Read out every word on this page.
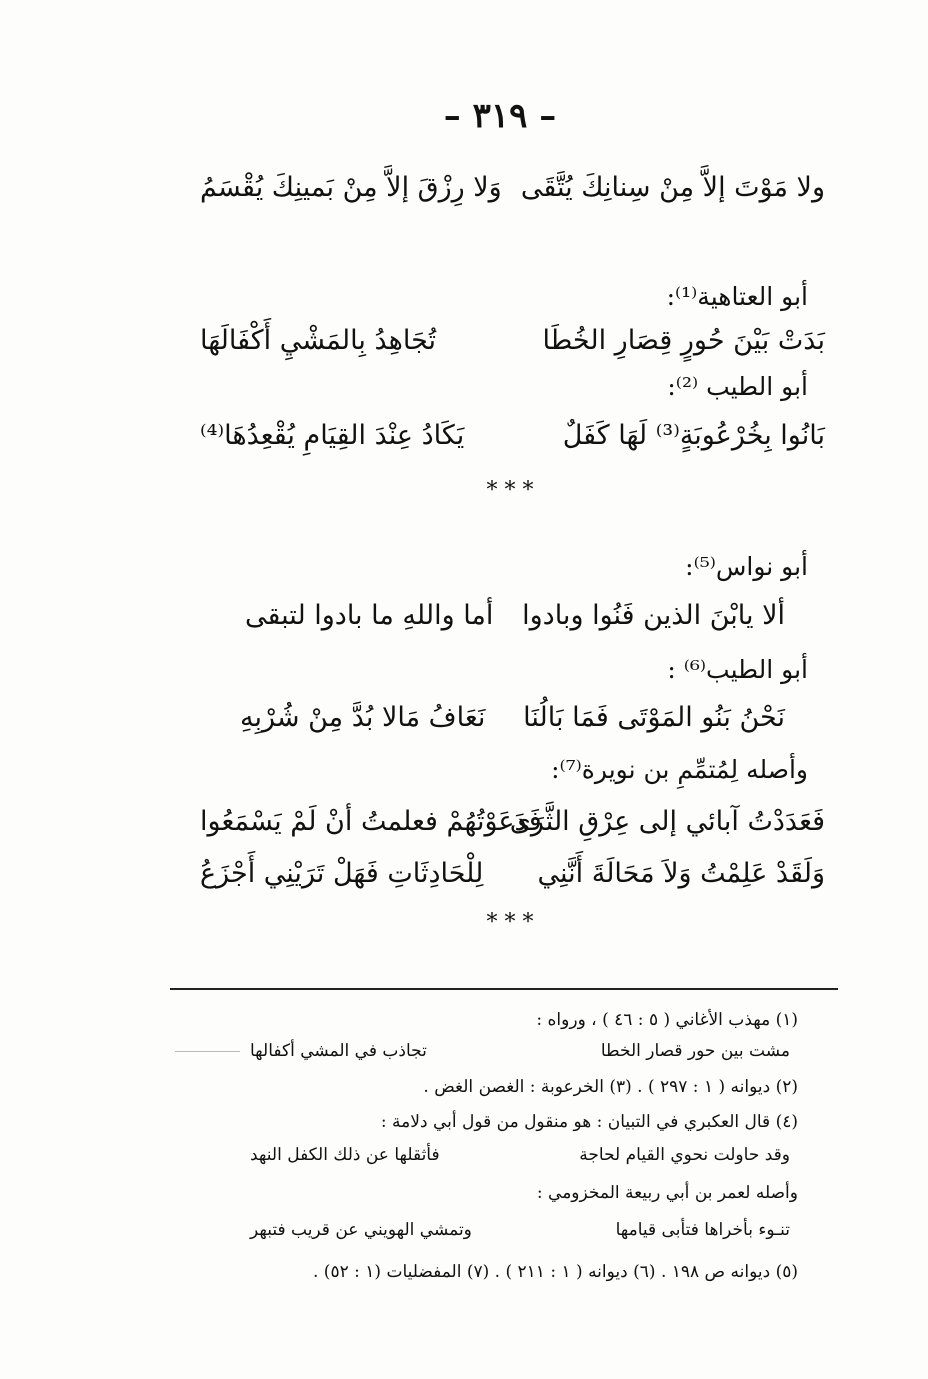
– ٣١٩ –
ولا مَوْتَ إلاَّ مِنْ سِنانِكَ يُتَّقَى
وَلا رِزْقَ إلاَّ مِنْ بَمينِكَ يُقْسَمُ
أبو العتاهية⁽¹⁾:
بَدَتْ بَيْنَ حُورٍ قِصَارِ الخُطَا
تُجَاهِدُ بِالمَشْيِ أَكْفَالَهَا
أبو الطيب ⁽²⁾:
بَانُوا بِخُرْعُوبَةٍ⁽³⁾ لَهَا كَفَلٌ
يَكَادُ عِنْدَ القِيَامِ يُقْعِدُهَا⁽⁴⁾
* * *
أبو نواس⁽⁵⁾:
ألا يابْنَ الذين فَنُوا وبادوا
أما واللهِ ما بادوا لتبقى
أبو الطيب⁽⁶⁾ :
نَحْنُ بَنُو المَوْتَى فَمَا بَالُنَا
نَعَافُ مَالا بُدَّ مِنْ شُرْبِهِ
وأصله لِمُتمِّمِ بن نويرة⁽⁷⁾:
فَعَدَدْتُ آبائي إلى عِرْقِ الثَّرَى
فَدَعَوْتُهُمْ فعلمتُ أنْ لَمْ يَسْمَعُوا
وَلَقَدْ عَلِمْتُ وَلاَ مَحَالَةَ أَنَّنِي
لِلْحَادِثَاتِ فَهَلْ تَرَيْنِي أَجْزَعُ
* * *
(١) مهذب الأغاني ( ٥ : ٤٦ ) ، ورواه :
مشت بين حور قصار الخطا
تجاذب في المشي أكفالها
(٢) ديوانه ( ١ : ٢٩٧ ) . (٣) الخرعوبة : الغصن الغض .
(٤) قال العكبري في التبيان : هو منقول من قول أبي دلامة :
وقد حاولت نحوي القيام لحاجة
فأثقلها عن ذلك الكفل النهد
وأصله لعمر بن أبي ربيعة المخزومي :
تنـوء بأخراها فتأبى قيامها
وتمشي الهويني عن قريب فتبهر
(٥) ديوانه ص ١٩٨ . (٦) ديوانه ( ١ : ٢١١ ) . (٧) المفضليات (١ : ٥٢) .
